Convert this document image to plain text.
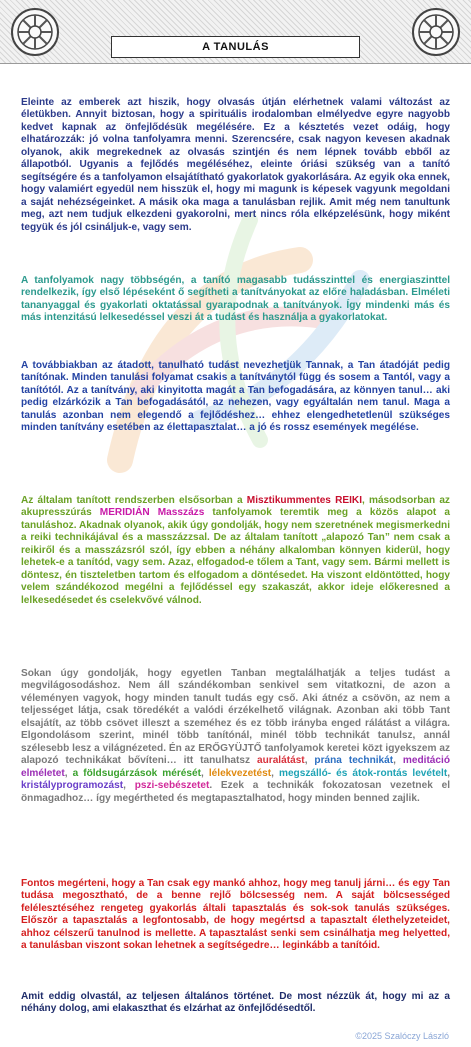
A TANULÁS

Eleinte az emberek azt hiszik, hogy olvasás útján elérhetnek valami változást az életükben. Annyit biztosan, hogy a spirituális irodalomban elmélyedve egyre nagyobb kedvet kapnak az önfejlődésük megélésére. Ez a késztetés vezet odáig, hogy elhatározzák: jó volna tanfolyamra menni. Szerencsére, csak nagyon kevesen akadnak olyanok, akik megrekednek az olvasás szintjén és nem lépnek tovább ebből az állapotból. Ugyanis a fejlődés megéléséhez, eleinte óriási szükség van a tanító segítségére és a tanfolyamon elsajátítható gyakorlatok gyakorlására. Az egyik oka ennek, hogy valamiért egyedül nem hisszük el, hogy mi magunk is képesek vagyunk megoldani a saját nehézségeinket. A másik oka maga a tanulásban rejlik. Amit még nem tanultunk meg, azt nem tudjuk elkezdeni gyakorolni, mert nincs róla elképzelésünk, hogy miként tegyük és jól csináljuk-e, vagy sem.

A tanfolyamok nagy többségén, a tanító magasabb tudásszinttel és energiaszinttel rendelkezik, így első lépéseként ő segítheti a tanítványokat az előre haladásban. Elméleti tananyaggal és gyakorlati oktatással gyarapodnak a tanítványok. Így mindenki más és más intenzitású lelkesedéssel veszi át a tudást és használja a gyakorlatokat.

A továbbiakban az átadott, tanulható tudást nevezhetjük Tannak, a Tan átadóját pedig tanítónak. Minden tanulási folyamat csakis a tanítványtól függ és sosem a Tantól, vagy a tanítótól. Az a tanítvány, aki kinyitotta magát a Tan befogadására, az könnyen tanul… aki pedig elzárkózik a Tan befogadásától, az nehezen, vagy egyáltalán nem tanul. Maga a tanulás azonban nem elegendő a fejlődéshez… ehhez elengedhetetlenül szükséges minden tanítvány esetében az élettapasztalat… a jó és rossz események megélése.

Az általam tanított rendszerben elsősorban a Misztikummentes REIKI, másodsorban az akupresszúrás MERIDIÁN Masszázs tanfolyamok teremtik meg a közös alapot a tanuláshoz. Akadnak olyanok, akik úgy gondolják, hogy nem szeretnének megismerkedni a reiki technikájával és a masszázzsal. De az általam tanított „alapozó Tan” nem csak a reikiről és a masszázsról szól, így ebben a néhány alkalomban könnyen kiderül, hogy lehetek-e a tanítód, vagy sem. Azaz, elfogadod-e tőlem a Tant, vagy sem. Bármi mellett is döntesz, én tiszteletben tartom és elfogadom a döntésedet. Ha viszont eldöntötted, hogy velem szándékozod megélni a fejlődéssel egy szakaszát, akkor ideje előkeresned a lelkesedésedet és cselekvővé válnod.

Sokan úgy gondolják, hogy egyetlen Tanban megtalálhatják a teljes tudást a megvilágosodáshoz. Nem áll szándékomban senkivel sem vitatkozni, de azon a véleményen vagyok, hogy minden tanult tudás egy cső. Aki átnéz a csövön, az nem a teljességet látja, csak töredékét a valódi érzékelhető világnak. Azonban aki több Tant elsajátít, az több csövet illeszt a szeméhez és ez több irányba enged rálátást a világra. Elgondolásom szerint, minél több tanítónál, minél több technikát tanulsz, annál szélesebb lesz a világnézeted. Én az ERŐGYÜJTŐ tanfolyamok keretei közt igyekszem az alapozó technikákat bővíteni… itt tanulhatsz auralátást, prána technikát, meditáció elméletet, a földsugárzások mérését, lélekvezetést, megszálló- és átok-rontás levételt, kristályprogramozást, pszi-sebészetet. Ezek a technikák fokozatosan vezetnek el önmagadhoz… így megértheted és megtapasztalhatod, hogy minden benned zajlik.

Fontos megérteni, hogy a Tan csak egy mankó ahhoz, hogy meg tanulj járni… és egy Tan tudása megosztható, de a benne rejlő bölcsesség nem. A saját bölcsességed felélesztéséhez rengeteg gyakorlás általi tapasztalás és sok-sok tanulás szükséges. Először a tapasztalás a legfontosabb, de hogy megértsd a tapasztalt élethelyzeteidet, ahhoz célszerű tanulnod is mellette. A tapasztalást senki sem csinálhatja meg helyetted, a tanulásban viszont sokan lehetnek a segítségedre… leginkább a tanítóid.

Amit eddig olvastál, az teljesen általános történet. De most nézzük át, hogy mi az a néhány dolog, ami elakaszthat és elzárhat az önfejlődésedtől.

©2025 Szalóczy László
